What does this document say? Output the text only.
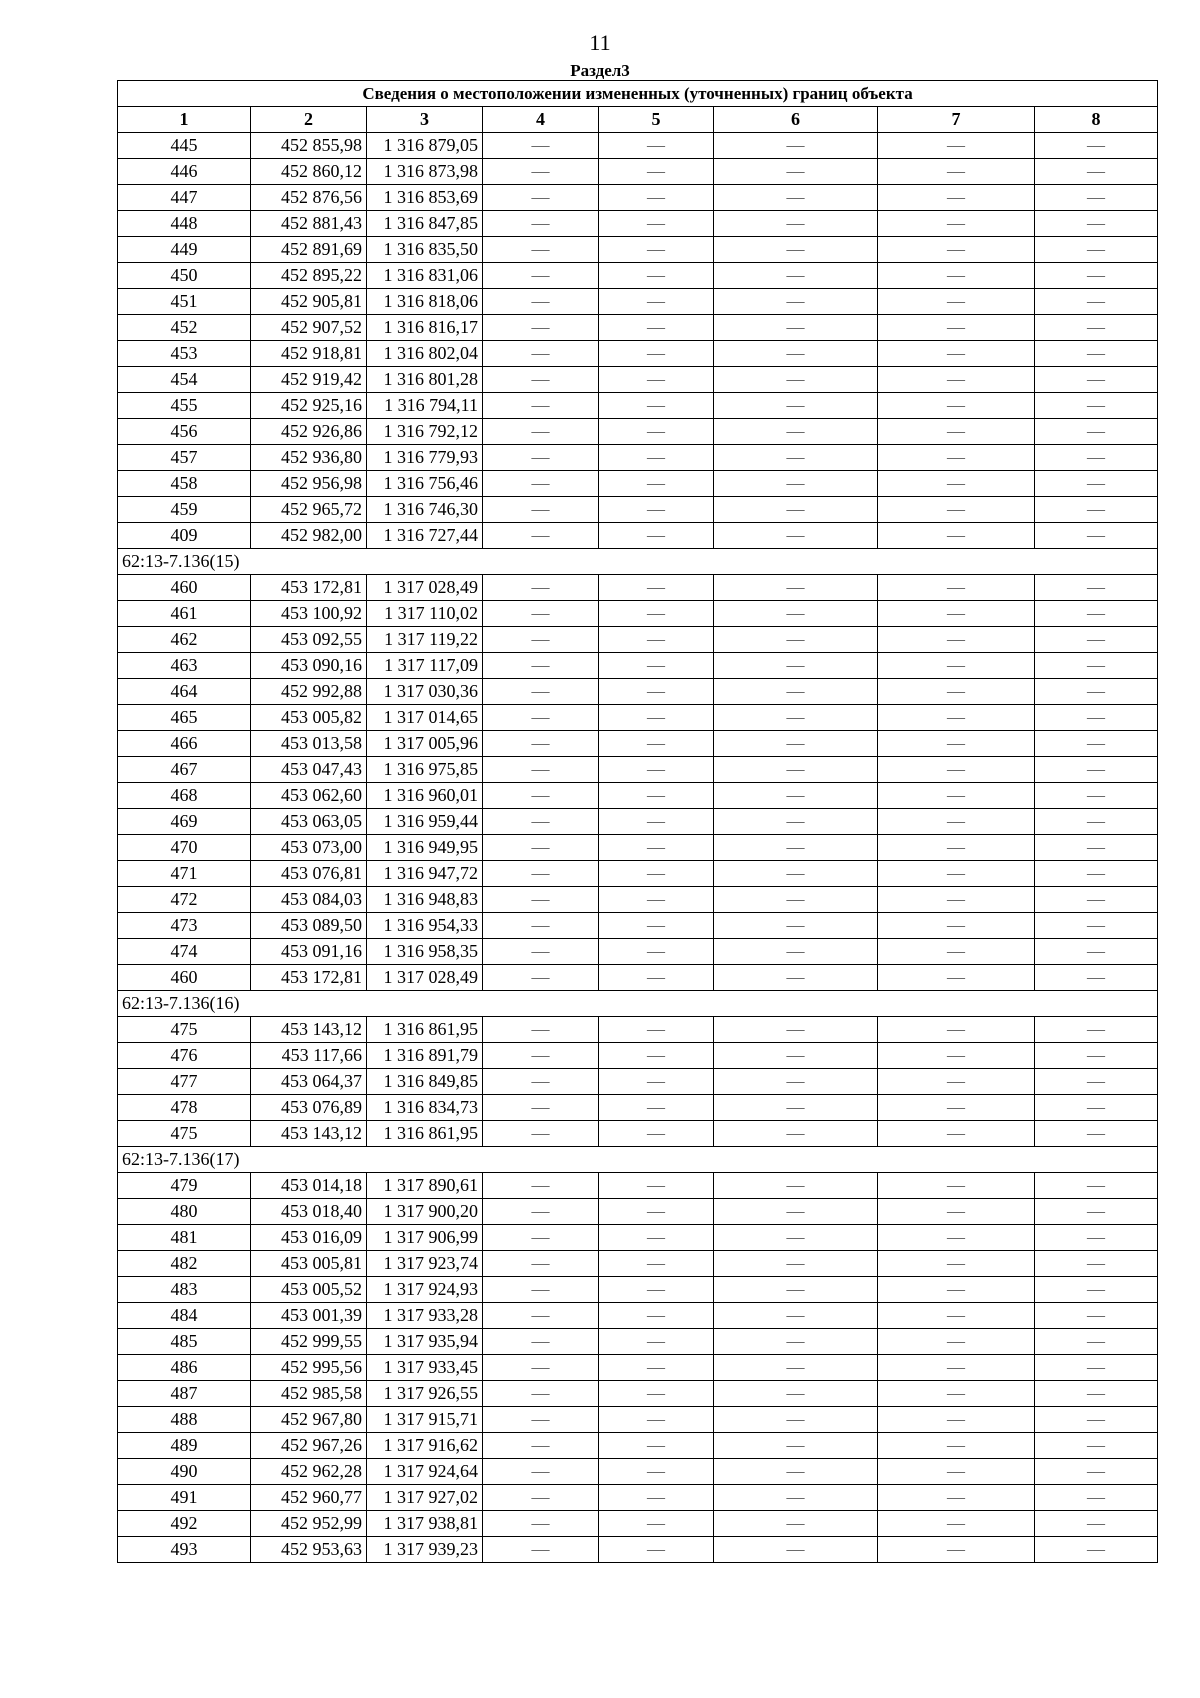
11
Раздел3
Сведения о местоположении измененных (уточненных) границ объекта							
1	2	3	4	5	6	7	8
445	452 855,98	1 316 879,05	—	—	—	—	—
446	452 860,12	1 316 873,98	—	—	—	—	—
447	452 876,56	1 316 853,69	—	—	—	—	—
448	452 881,43	1 316 847,85	—	—	—	—	—
449	452 891,69	1 316 835,50	—	—	—	—	—
450	452 895,22	1 316 831,06	—	—	—	—	—
451	452 905,81	1 316 818,06	—	—	—	—	—
452	452 907,52	1 316 816,17	—	—	—	—	—
453	452 918,81	1 316 802,04	—	—	—	—	—
454	452 919,42	1 316 801,28	—	—	—	—	—
455	452 925,16	1 316 794,11	—	—	—	—	—
456	452 926,86	1 316 792,12	—	—	—	—	—
457	452 936,80	1 316 779,93	—	—	—	—	—
458	452 956,98	1 316 756,46	—	—	—	—	—
459	452 965,72	1 316 746,30	—	—	—	—	—
409	452 982,00	1 316 727,44	—	—	—	—	—
62:13-7.136(15)							
460	453 172,81	1 317 028,49	—	—	—	—	—
461	453 100,92	1 317 110,02	—	—	—	—	—
462	453 092,55	1 317 119,22	—	—	—	—	—
463	453 090,16	1 317 117,09	—	—	—	—	—
464	452 992,88	1 317 030,36	—	—	—	—	—
465	453 005,82	1 317 014,65	—	—	—	—	—
466	453 013,58	1 317 005,96	—	—	—	—	—
467	453 047,43	1 316 975,85	—	—	—	—	—
468	453 062,60	1 316 960,01	—	—	—	—	—
469	453 063,05	1 316 959,44	—	—	—	—	—
470	453 073,00	1 316 949,95	—	—	—	—	—
471	453 076,81	1 316 947,72	—	—	—	—	—
472	453 084,03	1 316 948,83	—	—	—	—	—
473	453 089,50	1 316 954,33	—	—	—	—	—
474	453 091,16	1 316 958,35	—	—	—	—	—
460	453 172,81	1 317 028,49	—	—	—	—	—
62:13-7.136(16)							
475	453 143,12	1 316 861,95	—	—	—	—	—
476	453 117,66	1 316 891,79	—	—	—	—	—
477	453 064,37	1 316 849,85	—	—	—	—	—
478	453 076,89	1 316 834,73	—	—	—	—	—
475	453 143,12	1 316 861,95	—	—	—	—	—
62:13-7.136(17)							
479	453 014,18	1 317 890,61	—	—	—	—	—
480	453 018,40	1 317 900,20	—	—	—	—	—
481	453 016,09	1 317 906,99	—	—	—	—	—
482	453 005,81	1 317 923,74	—	—	—	—	—
483	453 005,52	1 317 924,93	—	—	—	—	—
484	453 001,39	1 317 933,28	—	—	—	—	—
485	452 999,55	1 317 935,94	—	—	—	—	—
486	452 995,56	1 317 933,45	—	—	—	—	—
487	452 985,58	1 317 926,55	—	—	—	—	—
488	452 967,80	1 317 915,71	—	—	—	—	—
489	452 967,26	1 317 916,62	—	—	—	—	—
490	452 962,28	1 317 924,64	—	—	—	—	—
491	452 960,77	1 317 927,02	—	—	—	—	—
492	452 952,99	1 317 938,81	—	—	—	—	—
493	452 953,63	1 317 939,23	—	—	—	—	—
